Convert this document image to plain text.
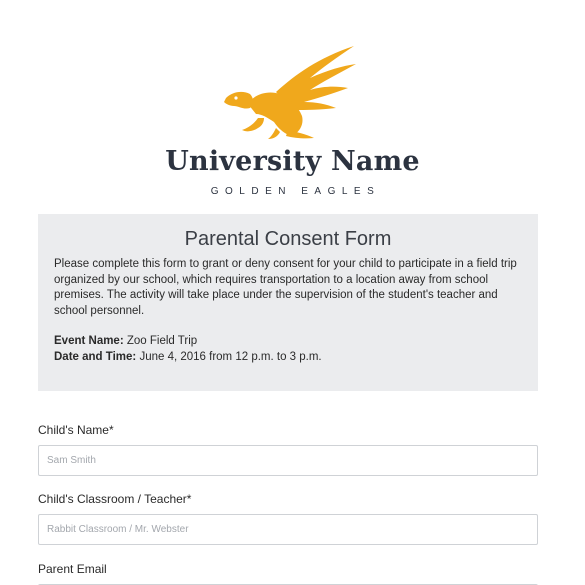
University Name
GOLDEN EAGLES
Parental Consent Form

Please complete this form to grant or deny consent for your child to participate in a field trip organized by our school, which requires transportation to a location away from school premises. The activity will take place under the supervision of the student's teacher and school personnel.

Event Name: Zoo Field Trip
Date and Time: June 4, 2016 from 12 p.m. to 3 p.m.
Child's Name*
Sam Smith
Child's Classroom / Teacher*
Rabbit Classroom / Mr. Webster
Parent Email
